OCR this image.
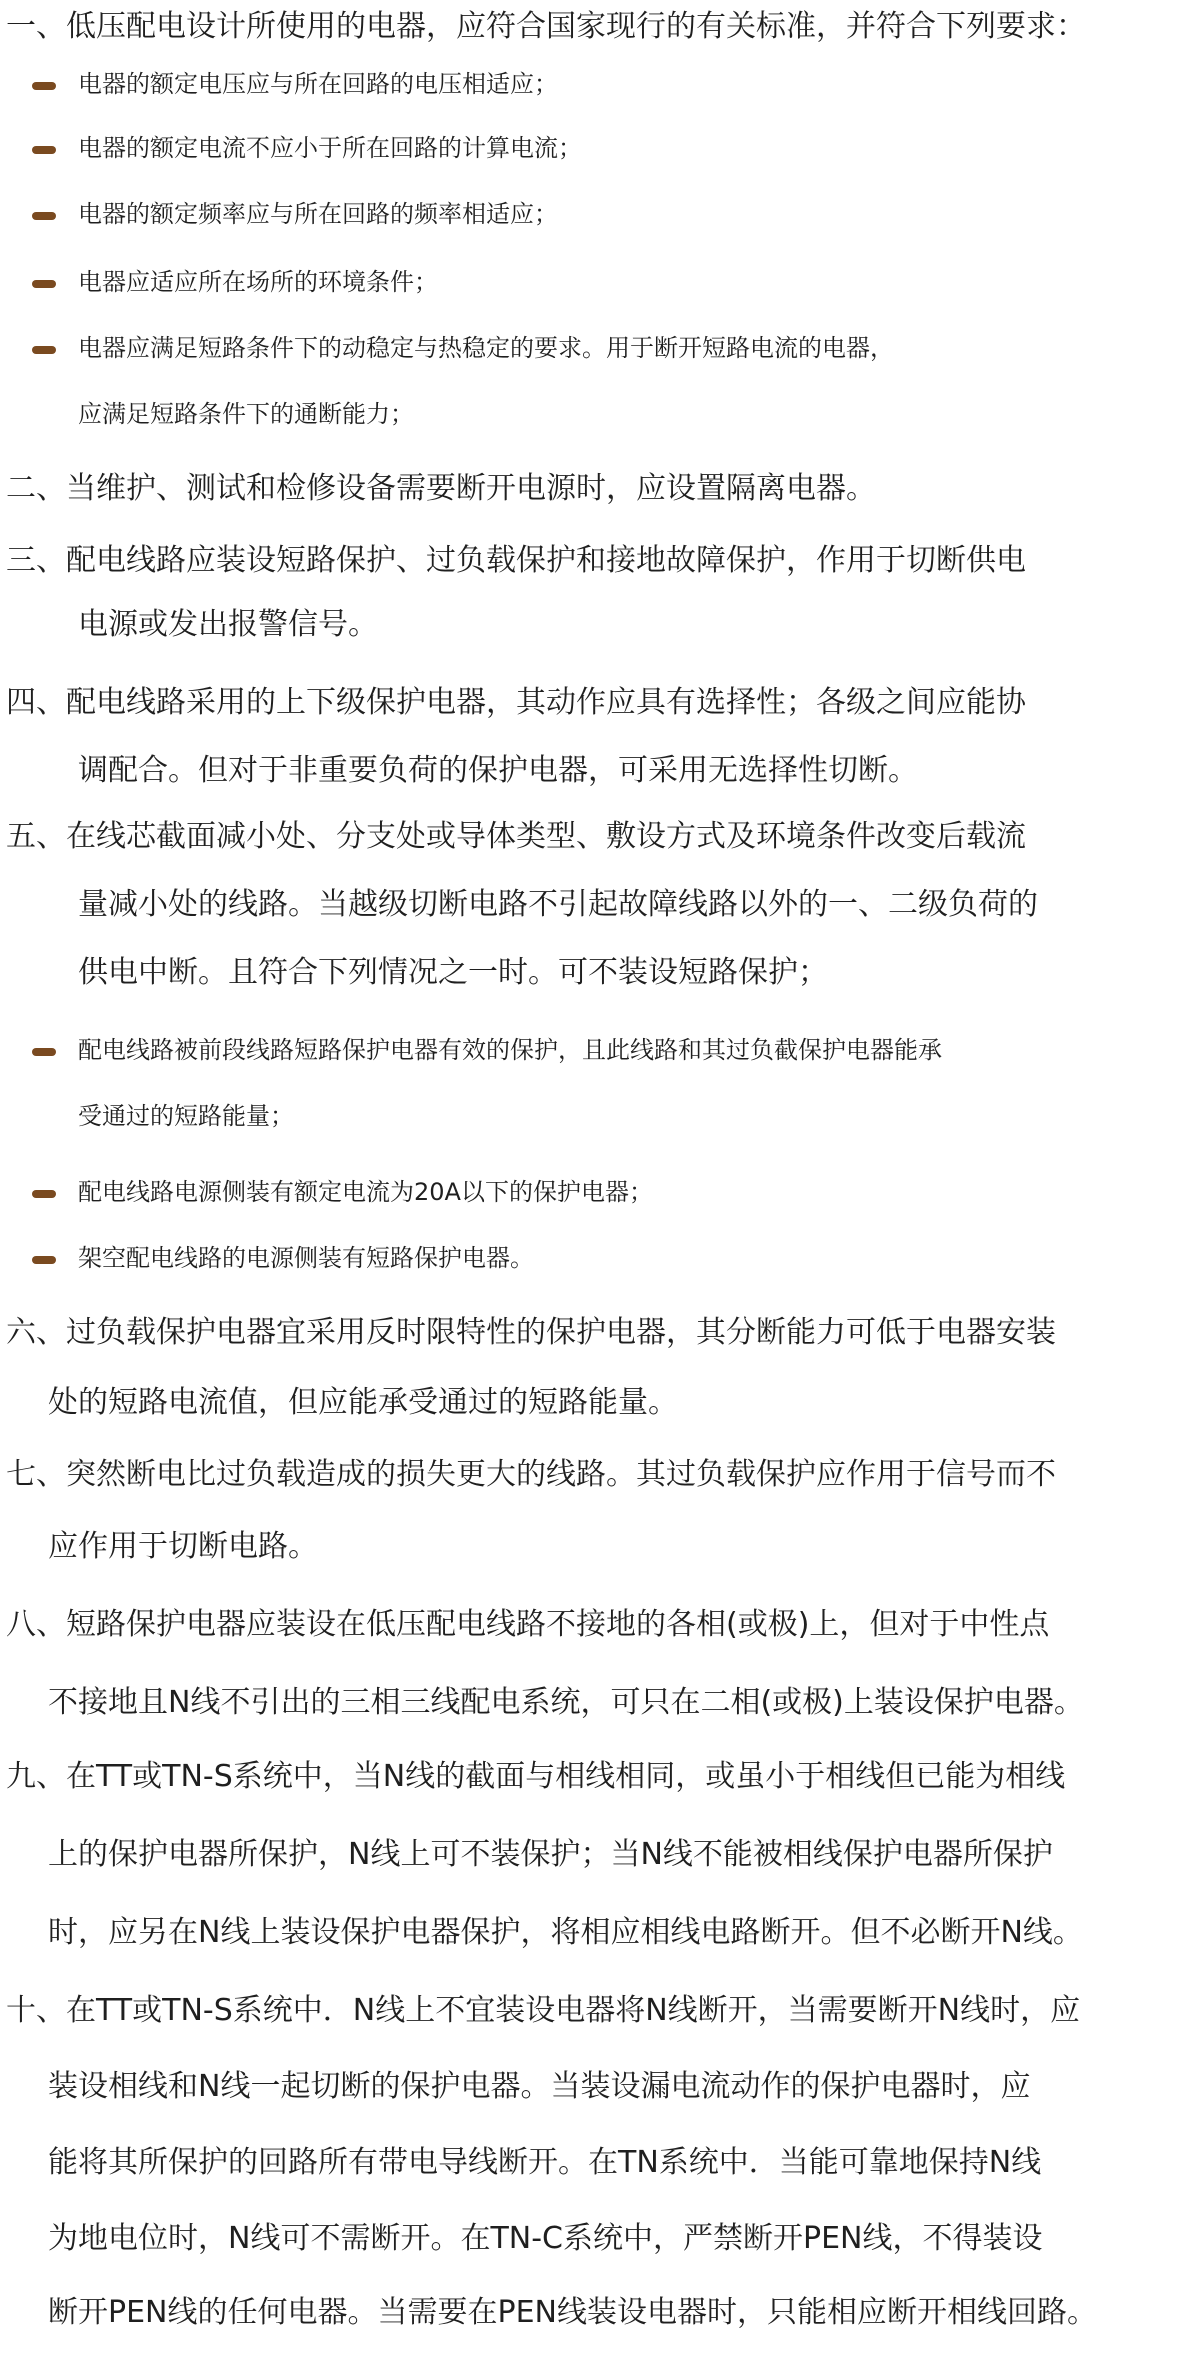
一、低压配电设计所使用的电器，应符合国家现行的有关标准，并符合下列要求：
电器的额定电压应与所在回路的电压相适应；
电器的额定电流不应小于所在回路的计算电流；
电器的额定频率应与所在回路的频率相适应；
电器应适应所在场所的环境条件；
电器应满足短路条件下的动稳定与热稳定的要求。用于断开短路电流的电器，
应满足短路条件下的通断能力；
二、当维护、测试和检修设备需要断开电源时，应设置隔离电器。
三、配电线路应装设短路保护、过负载保护和接地故障保护，作用于切断供电
电源或发出报警信号。
四、配电线路采用的上下级保护电器，其动作应具有选择性；各级之间应能协
调配合。但对于非重要负荷的保护电器，可采用无选择性切断。
五、在线芯截面减小处、分支处或导体类型、敷设方式及环境条件改变后载流
量减小处的线路。当越级切断电路不引起故障线路以外的一、二级负荷的
供电中断。且符合下列情况之一时。可不装设短路保护；
配电线路被前段线路短路保护电器有效的保护，且此线路和其过负截保护电器能承
受通过的短路能量；
配电线路电源侧装有额定电流为20A以下的保护电器；
架空配电线路的电源侧装有短路保护电器。
六、过负载保护电器宜采用反时限特性的保护电器，其分断能力可低于电器安装
处的短路电流值，但应能承受通过的短路能量。
七、突然断电比过负载造成的损失更大的线路。其过负载保护应作用于信号而不
应作用于切断电路。
八、短路保护电器应装设在低压配电线路不接地的各相(或极)上，但对于中性点
不接地且N线不引出的三相三线配电系统，可只在二相(或极)上装设保护电器。
九、在TT或TN-S系统中，当N线的截面与相线相同，或虽小于相线但已能为相线
上的保护电器所保护，N线上可不装保护；当N线不能被相线保护电器所保护
时，应另在N线上装设保护电器保护，将相应相线电路断开。但不必断开N线。
十、在TT或TN-S系统中．N线上不宜装设电器将N线断开，当需要断开N线时，应
装设相线和N线一起切断的保护电器。当装设漏电流动作的保护电器时，应
能将其所保护的回路所有带电导线断开。在TN系统中．当能可靠地保持N线
为地电位时，N线可不需断开。在TN-C系统中，严禁断开PEN线，不得装设
断开PEN线的任何电器。当需要在PEN线装设电器时，只能相应断开相线回路。
